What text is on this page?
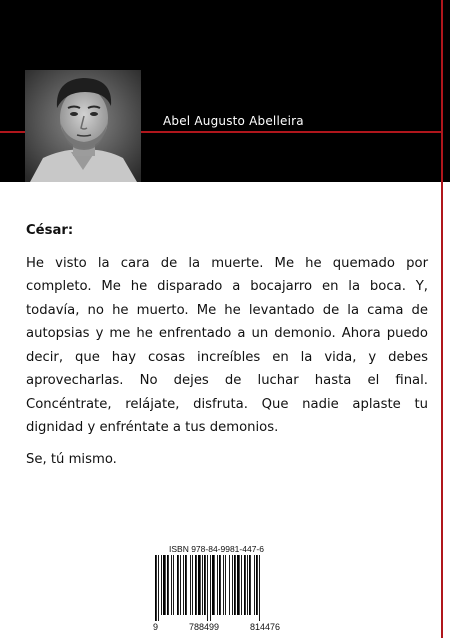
Abel Augusto Abelleira

César:

He visto la cara de la muerte. Me he quemado por completo. Me he disparado a bocajarro en la boca. Y, todavía, no he muerto. Me he levantado de la cama de autopsias y me he enfrentado a un demonio. Ahora puedo decir, que hay cosas increíbles en la vida, y debes aprovecharlas. No dejes de luchar hasta el final. Concéntrate, relájate, disfruta. Que nadie aplaste tu dignidad y enfréntate a tus demonios.

Se, tú mismo.

ISBN 978-84-9981-447-6
9	788499	814476
